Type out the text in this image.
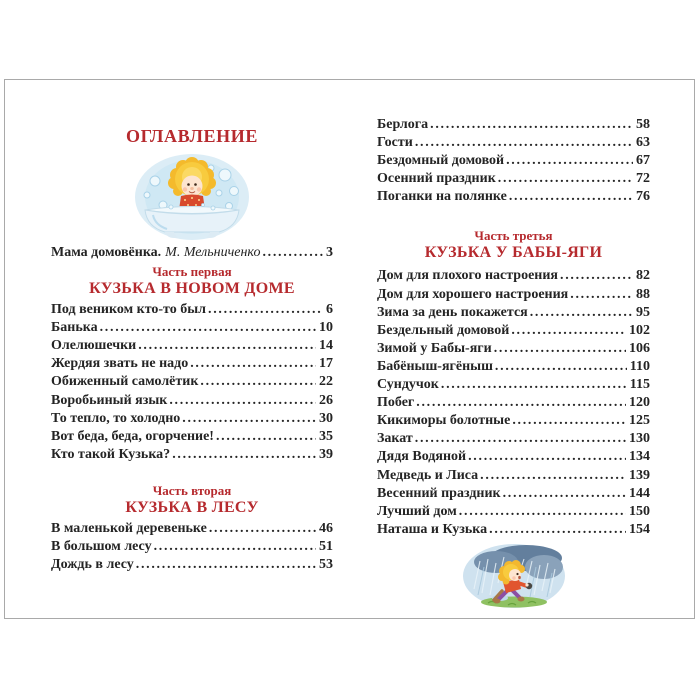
ОГЛАВЛЕНИЕ
Мама домовёнка. М. Мельниченко .....	3
Часть первая
КУЗЬКА В НОВОМ ДОМЕ
Под веником кто-то был .....	6
Банька .....	10
Олелюшечки .....	14
Жердяя звать не надо .....	17
Обиженный самолётик .....	22
Воробьиный язык .....	26
То тепло, то холодно .....	30
Вот беда, беда, огорчение! .....	35
Кто такой Кузька? .....	39
Часть вторая
КУЗЬКА В ЛЕСУ
В маленькой деревеньке .....	46
В большом лесу .....	51
Дождь в лесу .....	53
Берлога .....	58
Гости .....	63
Бездомный домовой .....	67
Осенний праздник .....	72
Поганки на полянке .....	76
Часть третья
КУЗЬКА У БАБЫ-ЯГИ
Дом для плохого настроения .....	82
Дом для хорошего настроения .....	88
Зима за день покажется .....	95
Бездельный домовой .....	102
Зимой у Бабы-яги .....	106
Бабёныш-ягёныш .....	110
Сундучок .....	115
Побег .....	120
Кикиморы болотные .....	125
Закат .....	130
Дядя Водяной .....	134
Медведь и Лиса .....	139
Весенний праздник .....	144
Лучший дом .....	150
Наташа и Кузька .....	154
